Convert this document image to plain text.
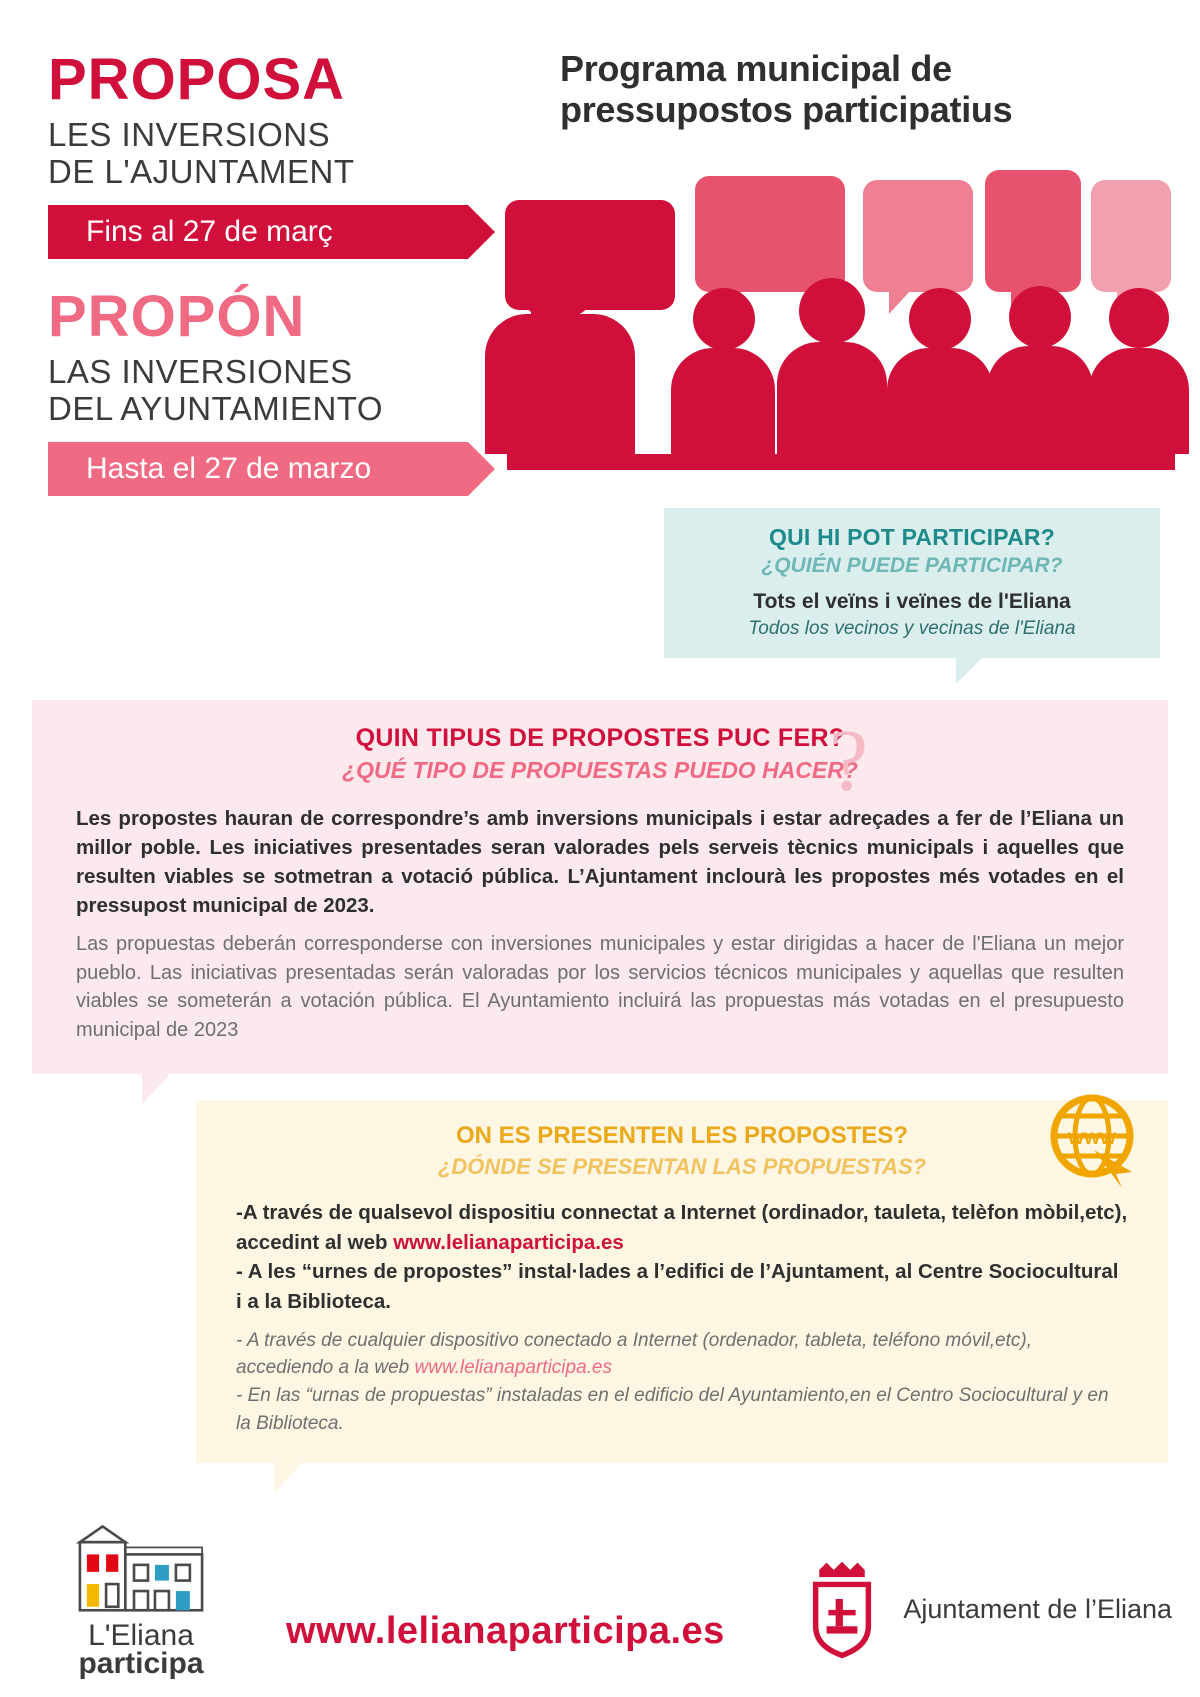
PROPOSA
LES INVERSIONS
DE L'AJUNTAMENT
Fins al 27 de març
PROPÓN
LAS INVERSIONES
DEL AYUNTAMIENTO
Hasta el 27 de marzo
Programa municipal de
pressupostos participatius
QUI HI POT PARTICIPAR?
¿QUIÉN PUEDE PARTICIPAR?
Tots el veïns i veïnes de l'Eliana
Todos los vecinos y vecinas de l'Eliana
?
QUIN TIPUS DE PROPOSTES PUC FER?
¿QUÉ TIPO DE PROPUESTAS PUEDO HACER?
Les propostes hauran de correspondre’s amb inversions municipals i estar adreçades a fer de l’Eliana un millor poble. Les iniciatives presentades seran valorades pels serveis tècnics municipals i aquelles que resulten viables se sotmetran a votació pública. L’Ajuntament inclourà les propostes més votades en el pressupost municipal de 2023.
Las propuestas deberán corresponderse con inversiones municipales y estar dirigidas a hacer de l'Eliana un mejor pueblo. Las iniciativas presentadas serán valoradas por los servicios técnicos municipales y aquellas que resulten viables se someterán a votación pública. El Ayuntamiento incluirá las propuestas más votadas en el presupuesto municipal de 2023
WWW
ON ES PRESENTEN LES PROPOSTES?
¿DÓNDE SE PRESENTAN LAS PROPUESTAS?
-A través de qualsevol dispositiu connectat a Internet (ordinador, tauleta, telèfon mòbil,etc), accedint al web www.lelianaparticipa.es
- A les “urnes de propostes” instal·lades a l’edifici de l’Ajuntament, al Centre Sociocultural i a la Biblioteca.
- A través de cualquier dispositivo conectado a Internet (ordenador, tableta, teléfono móvil,etc), accediendo a la web www.lelianaparticipa.es
- En las “urnas de propuestas” instaladas en el edificio del Ayuntamiento,en el Centro Sociocultural y en la Biblioteca.
L'Eliana
participa
www.lelianaparticipa.es
Ajuntament de l’Eliana
